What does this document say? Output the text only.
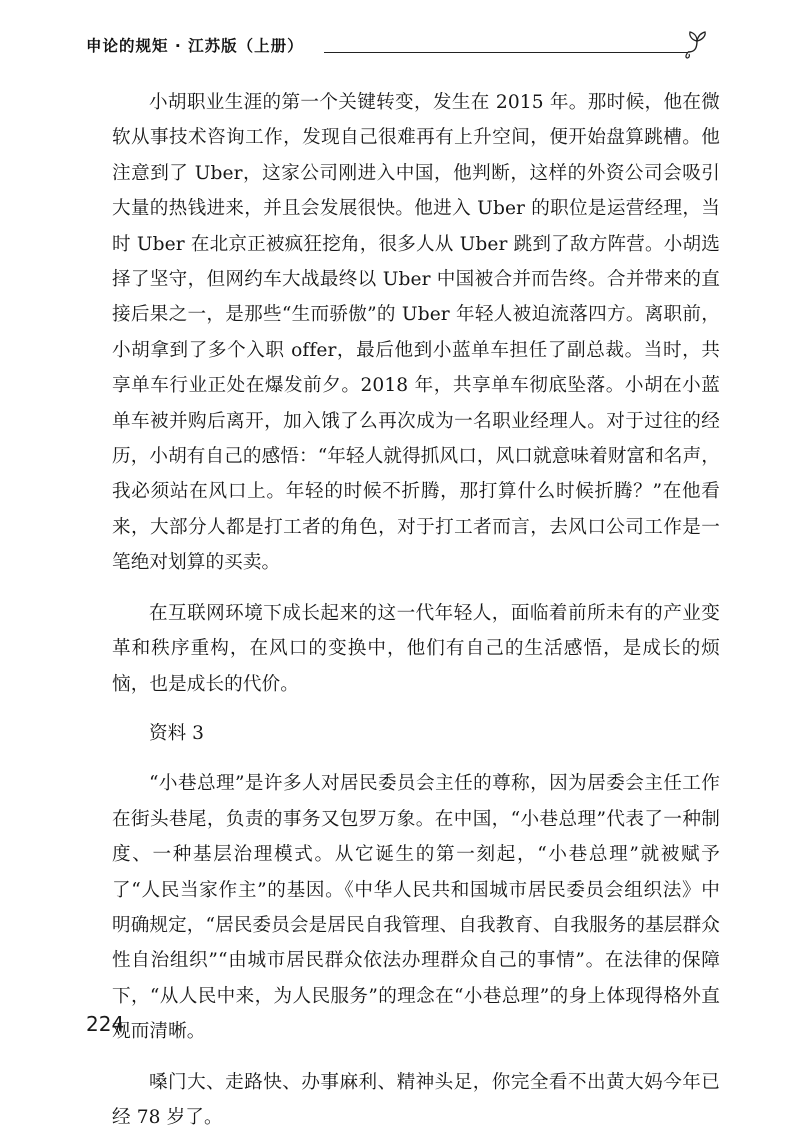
申论的规矩 · 江苏版（上册）

小胡职业生涯的第一个关键转变，发生在 2015 年。那时候，他在微软从事技术咨询工作，发现自己很难再有上升空间，便开始盘算跳槽。他注意到了 Uber，这家公司刚进入中国，他判断，这样的外资公司会吸引大量的热钱进来，并且会发展很快。他进入 Uber 的职位是运营经理，当时 Uber 在北京正被疯狂挖角，很多人从 Uber 跳到了敌方阵营。小胡选择了坚守，但网约车大战最终以 Uber 中国被合并而告终。合并带来的直接后果之一，是那些“生而骄傲”的 Uber 年轻人被迫流落四方。离职前，小胡拿到了多个入职 offer，最后他到小蓝单车担任了副总裁。当时，共享单车行业正处在爆发前夕。2018 年，共享单车彻底坠落。小胡在小蓝单车被并购后离开，加入饿了么再次成为一名职业经理人。对于过往的经历，小胡有自己的感悟：“年轻人就得抓风口，风口就意味着财富和名声，我必须站在风口上。年轻的时候不折腾，那打算什么时候折腾？”在他看来，大部分人都是打工者的角色，对于打工者而言，去风口公司工作是一笔绝对划算的买卖。

在互联网环境下成长起来的这一代年轻人，面临着前所未有的产业变革和秩序重构，在风口的变换中，他们有自己的生活感悟，是成长的烦恼，也是成长的代价。

资料 3

“小巷总理”是许多人对居民委员会主任的尊称，因为居委会主任工作在街头巷尾，负责的事务又包罗万象。在中国，“小巷总理”代表了一种制度、一种基层治理模式。从它诞生的第一刻起，“小巷总理”就被赋予了“人民当家作主”的基因。《中华人民共和国城市居民委员会组织法》中明确规定，“居民委员会是居民自我管理、自我教育、自我服务的基层群众性自治组织”“由城市居民群众依法办理群众自己的事情”。在法律的保障下，“从人民中来，为人民服务”的理念在“小巷总理”的身上体现得格外直观而清晰。

嗓门大、走路快、办事麻利、精神头足，你完全看不出黄大妈今年已经 78 岁了。

224
